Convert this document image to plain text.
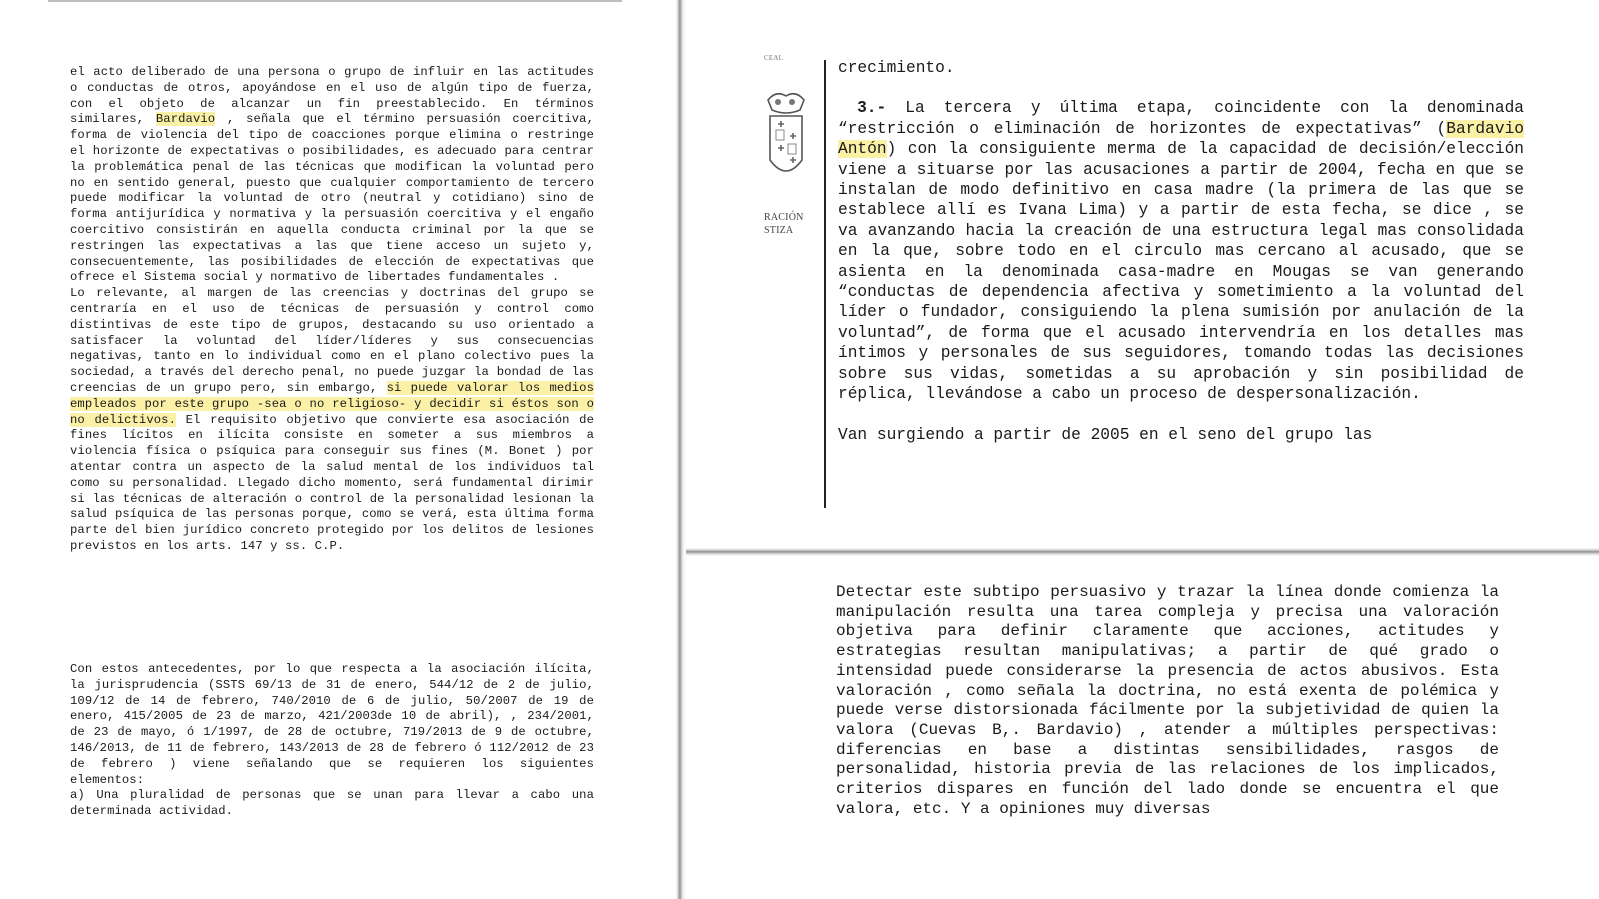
el acto deliberado de una persona o grupo de influir en las actitudes o conductas de otros, apoyándose en el uso de algún tipo de fuerza, con el objeto de alcanzar un fin preestablecido. En términos similares, Bardavio , señala que el término persuasión coercitiva, forma de violencia del tipo de coacciones porque elimina o restringe el horizonte de expectativas o posibilidades, es adecuado para centrar la problemática penal de las técnicas que modifican la voluntad pero no en sentido general, puesto que cualquier comportamiento de tercero puede modificar la voluntad de otro (neutral y cotidiano) sino de forma antijurídica y normativa y la persuasión coercitiva y el engaño coercitivo consistirán en aquella conducta criminal por la que se restringen las expectativas a las que tiene acceso un sujeto y, consecuentemente, las posibilidades de elección de expectativas que ofrece el Sistema social y normativo de libertades fundamentales .

Lo relevante, al margen de las creencias y doctrinas del grupo se centraría en el uso de técnicas de persuasión y control como distintivas de este tipo de grupos, destacando su uso orientado a satisfacer la voluntad del líder/líderes y sus consecuencias negativas, tanto en lo individual como en el plano colectivo pues la sociedad, a través del derecho penal, no puede juzgar la bondad de las creencias de un grupo pero, sin embargo, si puede valorar los medios empleados por este grupo -sea o no religioso- y decidir si éstos son o no delictivos. El requisito objetivo que convierte esa asociación de fines lícitos en ilícita consiste en someter a sus miembros a violencia física o psíquica para conseguir sus fines (M. Bonet ) por atentar contra un aspecto de la salud mental de los individuos tal como su personalidad. Llegado dicho momento, será fundamental dirimir si las técnicas de alteración o control de la personalidad lesionan la salud psíquica de las personas porque, como se verá, esta última forma parte del bien jurídico concreto protegido por los delitos de lesiones previstos en los arts. 147 y ss. C.P.

Con estos antecedentes, por lo que respecta a la asociación ilícita, la jurisprudencia (SSTS 69/13 de 31 de enero, 544/12 de 2 de julio, 109/12 de 14 de febrero, 740/2010 de 6 de julio, 50/2007 de 19 de enero, 415/2005 de 23 de marzo, 421/2003de 10 de abril), , 234/2001, de 23 de mayo, ó 1/1997, de 28 de octubre, 719/2013 de 9 de octubre, 146/2013, de 11 de febrero, 143/2013 de 28 de febrero ó 112/2012 de 23 de febrero ) viene señalando que se requieren los siguientes elementos:

a) Una pluralidad de personas que se unan para llevar a cabo una determinada actividad.

CEAL
RACIÓN
STIZA

crecimiento.

3.- La tercera y última etapa, coincidente con la denominada “restricción o eliminación de horizontes de expectativas” (Bardavio Antón) con la consiguiente merma de la capacidad de decisión/elección viene a situarse por las acusaciones a partir de 2004, fecha en que se instalan de modo definitivo en casa madre (la primera de las que se establece allí es Ivana Lima) y a partir de esta fecha, se dice , se va avanzando hacia la creación de una estructura legal mas consolidada en la que, sobre todo en el circulo mas cercano al acusado, que se asienta en la denominada casa-madre en Mougas se van generando “conductas de dependencia afectiva y sometimiento a la voluntad del líder o fundador, consiguiendo la plena sumisión por anulación de la voluntad”, de forma que el acusado intervendría en los detalles mas íntimos y personales de sus seguidores, tomando todas las decisiones sobre sus vidas, sometidas a su aprobación y sin posibilidad de réplica, llevándose a cabo un proceso de despersonalización.

Van surgiendo a partir de 2005 en el seno del grupo las

Detectar este subtipo persuasivo y trazar la línea donde comienza la manipulación resulta una tarea compleja y precisa una valoración objetiva para definir claramente que acciones, actitudes y estrategias resultan manipulativas; a partir de qué grado o intensidad puede considerarse la presencia de actos abusivos. Esta valoración , como señala la doctrina, no está exenta de polémica y puede verse distorsionada fácilmente por la subjetividad de quien la valora (Cuevas B,. Bardavio) , atender a múltiples perspectivas: diferencias en base a distintas sensibilidades, rasgos de personalidad, historia previa de las relaciones de los implicados, criterios dispares en función del lado donde se encuentra el que valora, etc. Y a opiniones muy diversas
